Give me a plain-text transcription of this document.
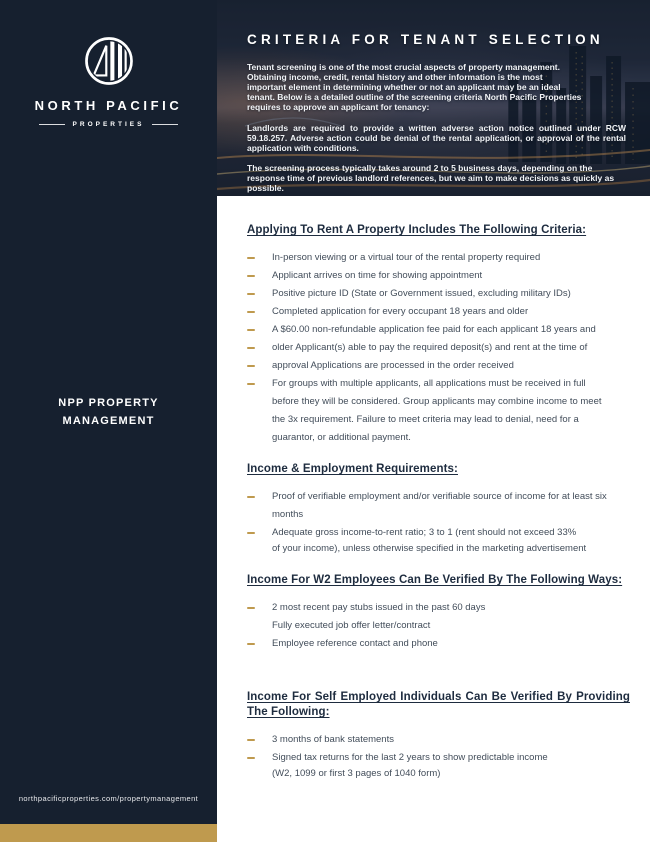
NORTH PACIFIC
PROPERTIES
NPP PROPERTY
MANAGEMENT
northpacificproperties.com/propertymanagement
CRITERIA FOR TENANT SELECTION

Tenant screening is one of the most crucial aspects of property management. Obtaining income, credit, rental history and other information is the most important element in determining whether or not an applicant may be an ideal tenant. Below is a detailed outline of the screening criteria North Pacific Properties requires to approve an applicant for tenancy:

Landlords are required to provide a written adverse action notice outlined under RCW 59.18.257. Adverse action could be denial of the rental application, or approval of the rental application with conditions.

The screening process typically takes around 2 to 5 business days, depending on the response time of previous landlord references, but we aim to make decisions as quickly as possible.

Applying To Rent A Property Includes The Following Criteria:
In-person viewing or a virtual tour of the rental property required
Applicant arrives on time for showing appointment
Positive picture ID (State or Government issued, excluding military IDs)
Completed application for every occupant 18 years and older
A $60.00 non-refundable application fee paid for each applicant 18 years and
older Applicant(s) able to pay the required deposit(s) and rent at the time of
approval Applications are processed in the order received
For groups with multiple applicants, all applications must be received in full
before they will be considered. Group applicants may combine income to meet
the 3x requirement. Failure to meet criteria may lead to denial, need for a
guarantor, or additional payment.
Income & Employment Requirements:
Proof of verifiable employment and/or verifiable source of income for at least six
months
Adequate gross income-to-rent ratio; 3 to 1 (rent should not exceed 33%
of your income), unless otherwise specified in the marketing advertisement
Income For W2 Employees Can Be Verified By The Following Ways:
2 most recent pay stubs issued in the past 60 days
Fully executed job offer letter/contract
Employee reference contact and phone
Income For Self Employed Individuals Can Be Verified By Providing The Following:
3 months of bank statements
Signed tax returns for the last 2 years to show predictable income
(W2, 1099 or first 3 pages of 1040 form)
